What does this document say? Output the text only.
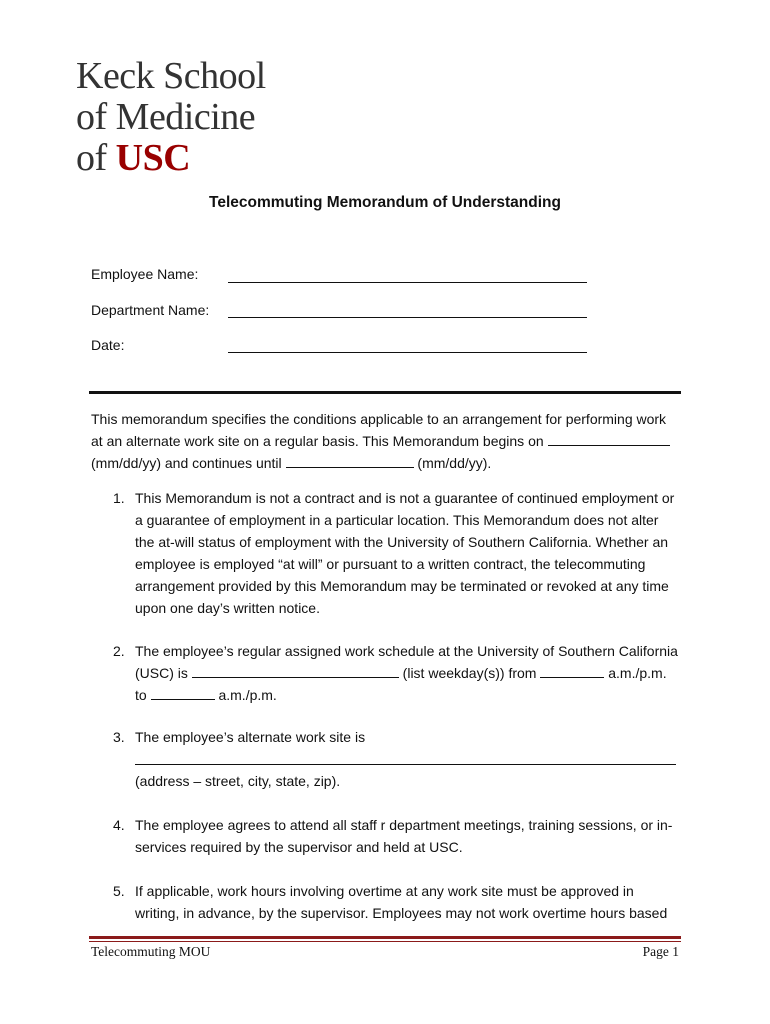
Keck School
of Medicine
of USC
Telecommuting Memorandum of Understanding
Employee Name:
Department Name:
Date:
This memorandum specifies the conditions applicable to an arrangement for performing work
at an alternate work site on a regular basis. This Memorandum begins on
(mm/dd/yy) and continues until	(mm/dd/yy).
1. This Memorandum is not a contract and is not a guarantee of continued employment or
a guarantee of employment in a particular location. This Memorandum does not alter
the at-will status of employment with the University of Southern California. Whether an
employee is employed “at will” or pursuant to a written contract, the telecommuting
arrangement provided by this Memorandum may be terminated or revoked at any time
upon one day’s written notice.
2. The employee’s regular assigned work schedule at the University of Southern California
(USC) is	(list weekday(s)) from	a.m./p.m.
to	a.m./p.m.
3. The employee’s alternate work site is
(address – street, city, state, zip).
4. The employee agrees to attend all staff r department meetings, training sessions, or in-
services required by the supervisor and held at USC.
5. If applicable, work hours involving overtime at any work site must be approved in
writing, in advance, by the supervisor. Employees may not work overtime hours based
Telecommuting MOU	Page 1
